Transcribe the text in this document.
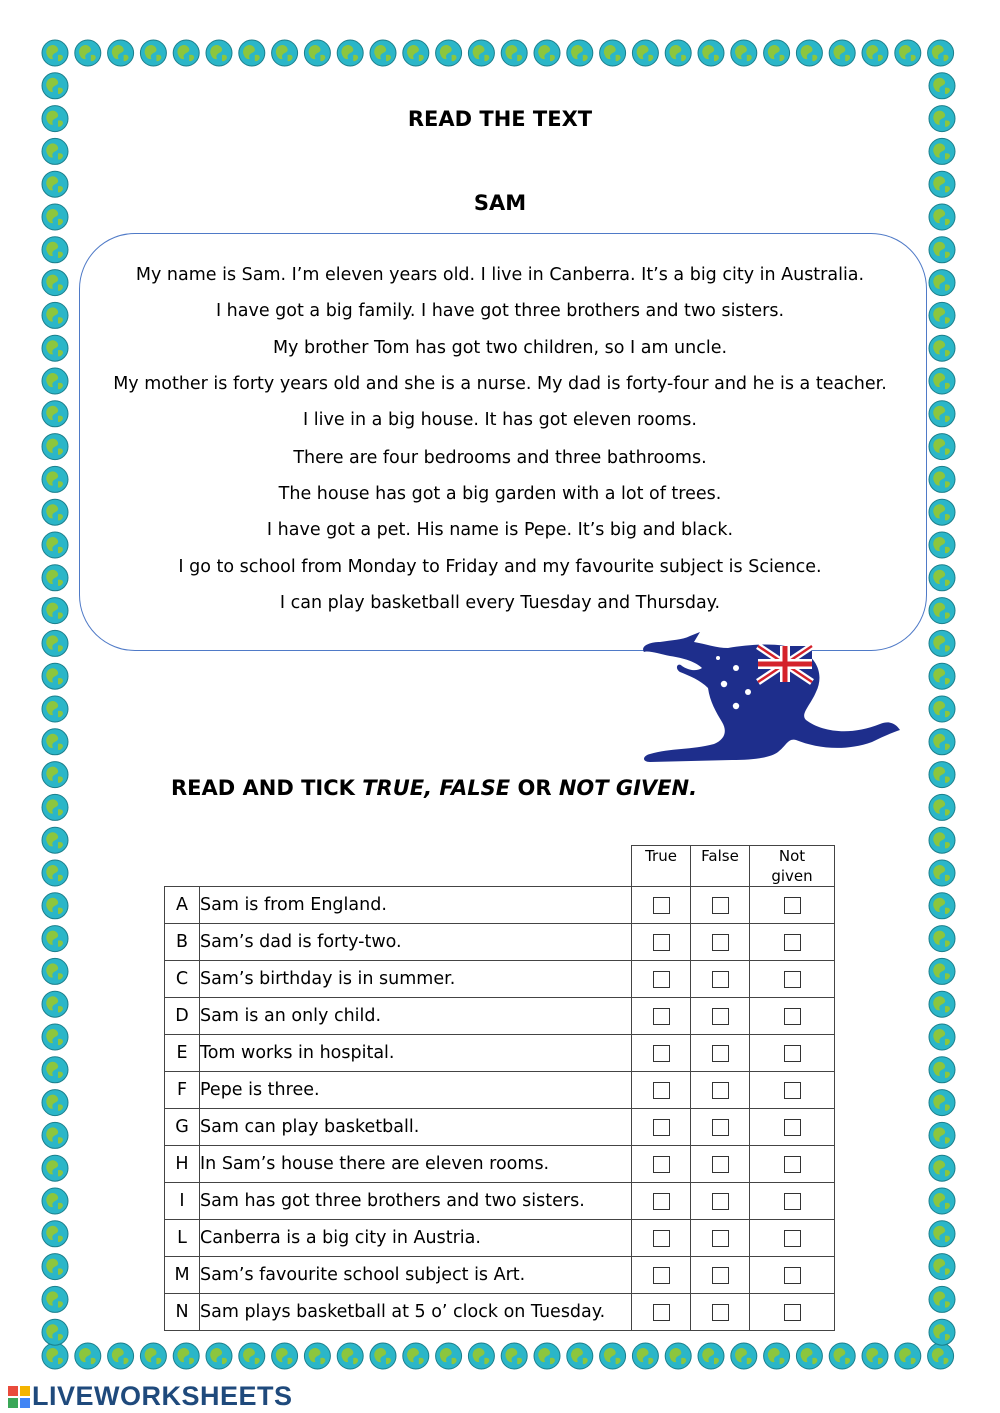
READ THE TEXT
SAM
My name is Sam. I’m eleven years old. I live in Canberra. It’s a big city in Australia.
I have got a big family. I have got three brothers and two sisters.
My brother Tom has got two children, so I am uncle.
My mother is forty years old and she is a nurse. My dad is forty-four and he is a teacher.
I live in a big house. It has got eleven rooms.
There are four bedrooms and three bathrooms.
The house has got a big garden with a lot of trees.
I have got a pet. His name is Pepe. It’s big and black.
I go to school from Monday to Friday and my favourite subject is Science.
I can play basketball every Tuesday and Thursday.
READ AND TICK TRUE, FALSE OR NOT GIVEN.
		True	False	Not
given
A	Sam is from England.			
B	Sam’s dad is forty-two.			
C	Sam’s birthday is in summer.			
D	Sam is an only child.			
E	Tom works in hospital.			
F	Pepe is three.			
G	Sam can play basketball.			
H	In Sam’s house there are eleven rooms.			
I	Sam has got three brothers and two sisters.			
L	Canberra is a big city in Austria.			
M	Sam’s favourite school subject is Art.			
N	Sam plays basketball at 5 o’ clock on Tuesday.			
LIVEWORKSHEETS
